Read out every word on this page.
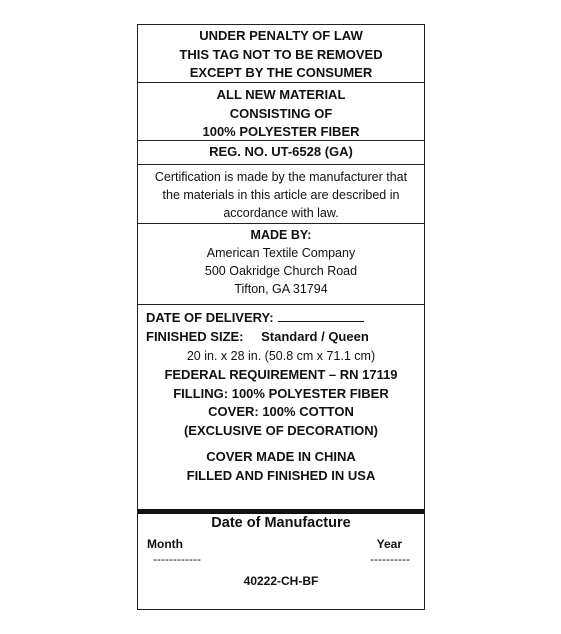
UNDER PENALTY OF LAW
THIS TAG NOT TO BE REMOVED
EXCEPT BY THE CONSUMER
ALL NEW MATERIAL
CONSISTING OF
100% POLYESTER FIBER
REG. NO. UT-6528 (GA)
Certification is made by the manufacturer that
the materials in this article are described in
accordance with law.
MADE BY:
American Textile Company
500 Oakridge Church Road
Tifton, GA 31794
DATE OF DELIVERY:
FINISHED SIZE: Standard / Queen
20 in. x 28 in. (50.8 cm x 71.1 cm)
FEDERAL REQUIREMENT – RN 17119
FILLING: 100% POLYESTER FIBER
COVER: 100% COTTON
(EXCLUSIVE OF DECORATION)
COVER MADE IN CHINA
FILLED AND FINISHED IN USA
Date of Manufacture
Month	Year
------------	----------
40222-CH-BF
